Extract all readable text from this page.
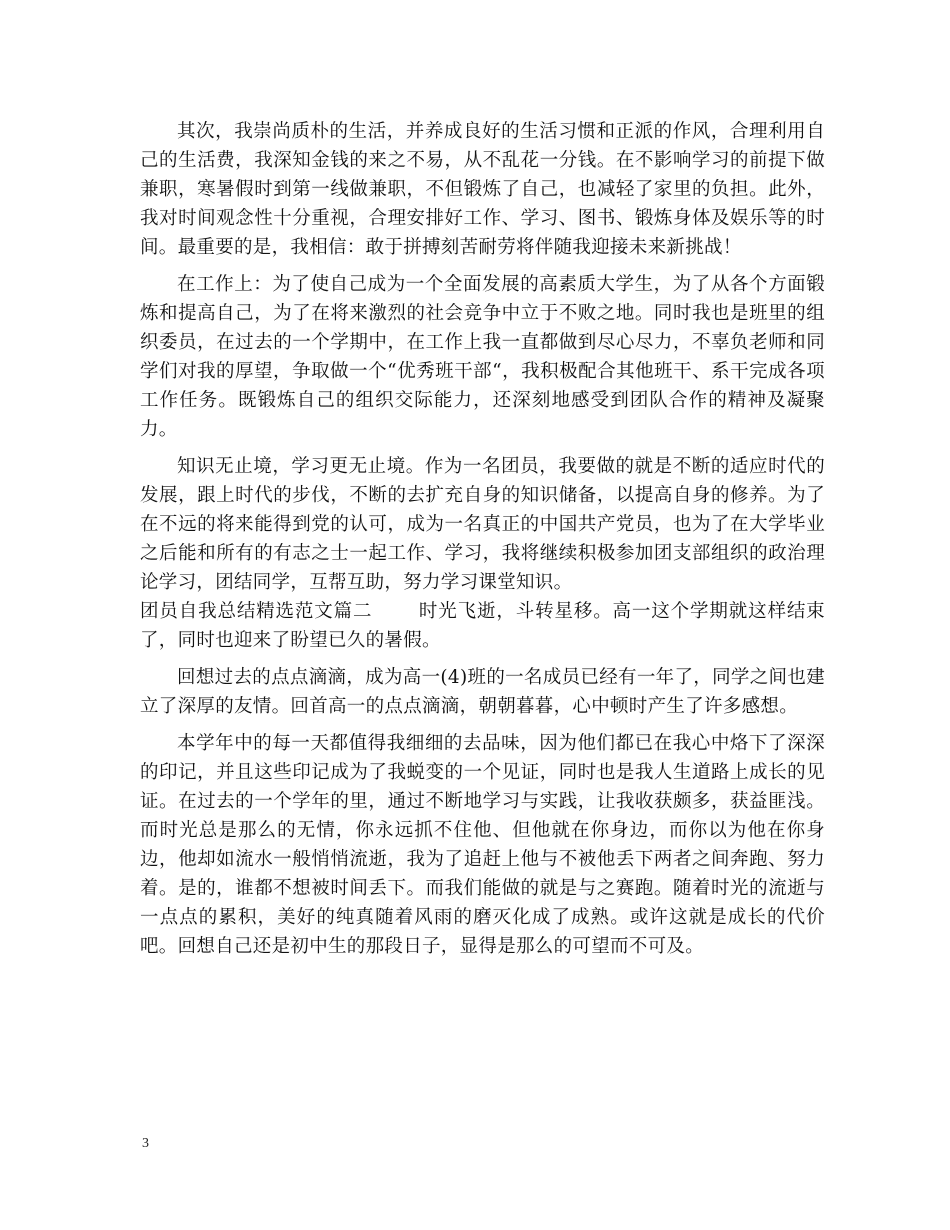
其次，我崇尚质朴的生活，并养成良好的生活习惯和正派的作风，合理利用自己的生活费，我深知金钱的来之不易，从不乱花一分钱。在不影响学习的前提下做兼职，寒暑假时到第一线做兼职，不但锻炼了自己，也减轻了家里的负担。此外，我对时间观念性十分重视，合理安排好工作、学习、图书、锻炼身体及娱乐等的时间。最重要的是，我相信：敢于拼搏刻苦耐劳将伴随我迎接未来新挑战！

在工作上：为了使自己成为一个全面发展的高素质大学生，为了从各个方面锻炼和提高自己，为了在将来激烈的社会竞争中立于不败之地。同时我也是班里的组织委员，在过去的一个学期中，在工作上我一直都做到尽心尽力，不辜负老师和同学们对我的厚望，争取做一个“优秀班干部“，我积极配合其他班干、系干完成各项工作任务。既锻炼自己的组织交际能力，还深刻地感受到团队合作的精神及凝聚力。

知识无止境，学习更无止境。作为一名团员，我要做的就是不断的适应时代的发展，跟上时代的步伐，不断的去扩充自身的知识储备，以提高自身的修养。为了在不远的将来能得到党的认可，成为一名真正的中国共产党员，也为了在大学毕业之后能和所有的有志之士一起工作、学习，我将继续积极参加团支部组织的政治理论学习，团结同学，互帮互助，努力学习课堂知识。

团员自我总结精选范文篇二 时光飞逝，斗转星移。高一这个学期就这样结束了，同时也迎来了盼望已久的暑假。

回想过去的点点滴滴，成为高一(4)班的一名成员已经有一年了，同学之间也建立了深厚的友情。回首高一的点点滴滴，朝朝暮暮，心中顿时产生了许多感想。

本学年中的每一天都值得我细细的去品味，因为他们都已在我心中烙下了深深的印记，并且这些印记成为了我蜕变的一个见证，同时也是我人生道路上成长的见证。在过去的一个学年的里，通过不断地学习与实践，让我收获颇多，获益匪浅。而时光总是那么的无情，你永远抓不住他、但他就在你身边，而你以为他在你身边，他却如流水一般悄悄流逝，我为了追赶上他与不被他丢下两者之间奔跑、努力着。是的，谁都不想被时间丢下。而我们能做的就是与之赛跑。随着时光的流逝与一点点的累积，美好的纯真随着风雨的磨灭化成了成熟。或许这就是成长的代价吧。回想自己还是初中生的那段日子，显得是那么的可望而不可及。

3
